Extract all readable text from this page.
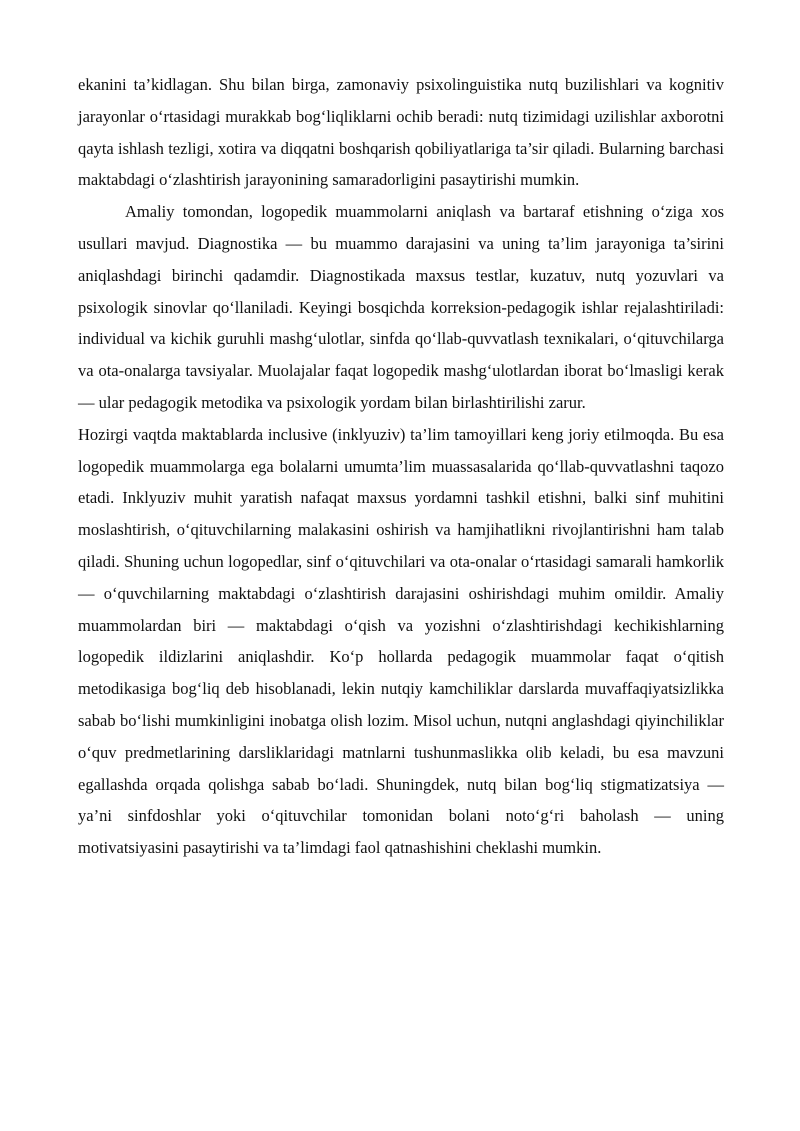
ekanini ta’kidlagan. Shu bilan birga, zamonaviy psixolinguistika nutq buzilishlari va kognitiv jarayonlar o‘rtasidagi murakkab bog‘liqliklarni ochib beradi: nutq tizimidagi uzilishlar axborotni qayta ishlash tezligi, xotira va diqqatni boshqarish qobiliyatlariga ta’sir qiladi. Bularning barchasi maktabdagi o‘zlashtirish jarayonining samaradorligini pasaytirishi mumkin.

Amaliy tomondan, logopedik muammolarni aniqlash va bartaraf etishning o‘ziga xos usullari mavjud. Diagnostika — bu muammo darajasini va uning ta’lim jarayoniga ta’sirini aniqlashdagi birinchi qadamdir. Diagnostikada maxsus testlar, kuzatuv, nutq yozuvlari va psixologik sinovlar qo‘llaniladi. Keyingi bosqichda korreksion-pedagogik ishlar rejalashtiriladi: individual va kichik guruhli mashg‘ulotlar, sinfda qo‘llab-quvvatlash texnikalari, o‘qituvchilarga va ota-onalarga tavsiyalar. Muolajalar faqat logopedik mashg‘ulotlardan iborat bo‘lmasligi kerak — ular pedagogik metodika va psixologik yordam bilan birlashtirilishi zarur.

Hozirgi vaqtda maktablarda inclusive (inklyuziv) ta’lim tamoyillari keng joriy etilmoqda. Bu esa logopedik muammolarga ega bolalarni umumta’lim muassasalarida qo‘llab-quvvatlashni taqozo etadi. Inklyuziv muhit yaratish nafaqat maxsus yordamni tashkil etishni, balki sinf muhitini moslashtirish, o‘qituvchilarning malakasini oshirish va hamjihatlikni rivojlantirishni ham talab qiladi. Shuning uchun logopedlar, sinf o‘qituvchilari va ota-onalar o‘rtasidagi samarali hamkorlik — o‘quvchilarning maktabdagi o‘zlashtirish darajasini oshirishdagi muhim omildir. Amaliy muammolardan biri — maktabdagi o‘qish va yozishni o‘zlashtirishdagi kechikishlarning logopedik ildizlarini aniqlashdir. Ko‘p hollarda pedagogik muammolar faqat o‘qitish metodikasiga bog‘liq deb hisoblanadi, lekin nutqiy kamchiliklar darslarda muvaffaqiyatsizlikka sabab bo‘lishi mumkinligini inobatga olish lozim. Misol uchun, nutqni anglashdagi qiyinchiliklar o‘quv predmetlarining darsliklaridagi matnlarni tushunmaslikka olib keladi, bu esa mavzuni egallashda orqada qolishga sabab bo‘ladi. Shuningdek, nutq bilan bog‘liq stigmatizatsiya — ya’ni sinfdoshlar yoki o‘qituvchilar tomonidan bolani noto‘g‘ri baholash — uning motivatsiyasini pasaytirishi va ta’limdagi faol qatnashishini cheklashi mumkin.
